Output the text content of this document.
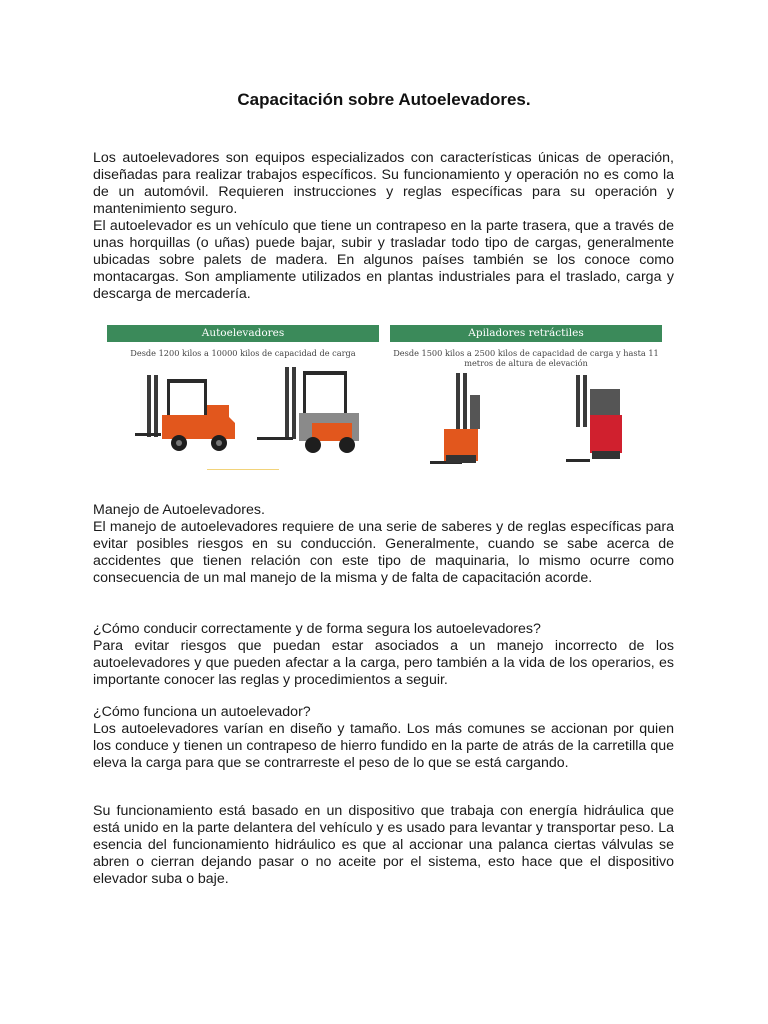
Capacitación sobre Autoelevadores.
Los autoelevadores son equipos especializados con características únicas de operación, diseñadas para realizar trabajos específicos. Su funcionamiento y operación no es como la de un automóvil. Requieren instrucciones y reglas específicas para su operación y mantenimiento seguro.
El autoelevador es un vehículo que tiene un contrapeso en la parte trasera, que a través de unas horquillas (o uñas) puede bajar, subir y trasladar todo tipo de cargas, generalmente ubicadas sobre palets de madera. En algunos países también se los conoce como montacargas. Son ampliamente utilizados en plantas industriales para el traslado, carga y descarga de mercadería.
Autoelevadores
Desde 1200 kilos a 10000 kilos de capacidad de carga
Apiladores retráctiles
Desde 1500 kilos a 2500 kilos de capacidad de carga y hasta 11 metros de altura de elevación
Manejo de Autoelevadores.
El manejo de autoelevadores requiere de una serie de saberes y de reglas específicas para evitar posibles riesgos en su conducción. Generalmente, cuando se sabe acerca de accidentes que tienen relación con este tipo de maquinaria, lo mismo ocurre como consecuencia de un mal manejo de la misma y de falta de capacitación acorde.
¿Cómo conducir correctamente y de forma segura los autoelevadores?
Para evitar riesgos que puedan estar asociados a un manejo incorrecto de los autoelevadores y que pueden afectar a la carga, pero también a la vida de los operarios, es importante conocer las reglas y procedimientos a seguir.
¿Cómo funciona un autoelevador?
Los autoelevadores varían en diseño y tamaño. Los más comunes se accionan por quien los conduce y tienen un contrapeso de hierro fundido en la parte de atrás de la carretilla que eleva la carga para que se contrarreste el peso de lo que se está cargando.
Su funcionamiento está basado en un dispositivo que trabaja con energía hidráulica que está unido en la parte delantera del vehículo y es usado para levantar y transportar peso. La esencia del funcionamiento hidráulico es que al accionar una palanca ciertas válvulas se abren o cierran dejando pasar o no aceite por el sistema, esto hace que el dispositivo elevador suba o baje.
